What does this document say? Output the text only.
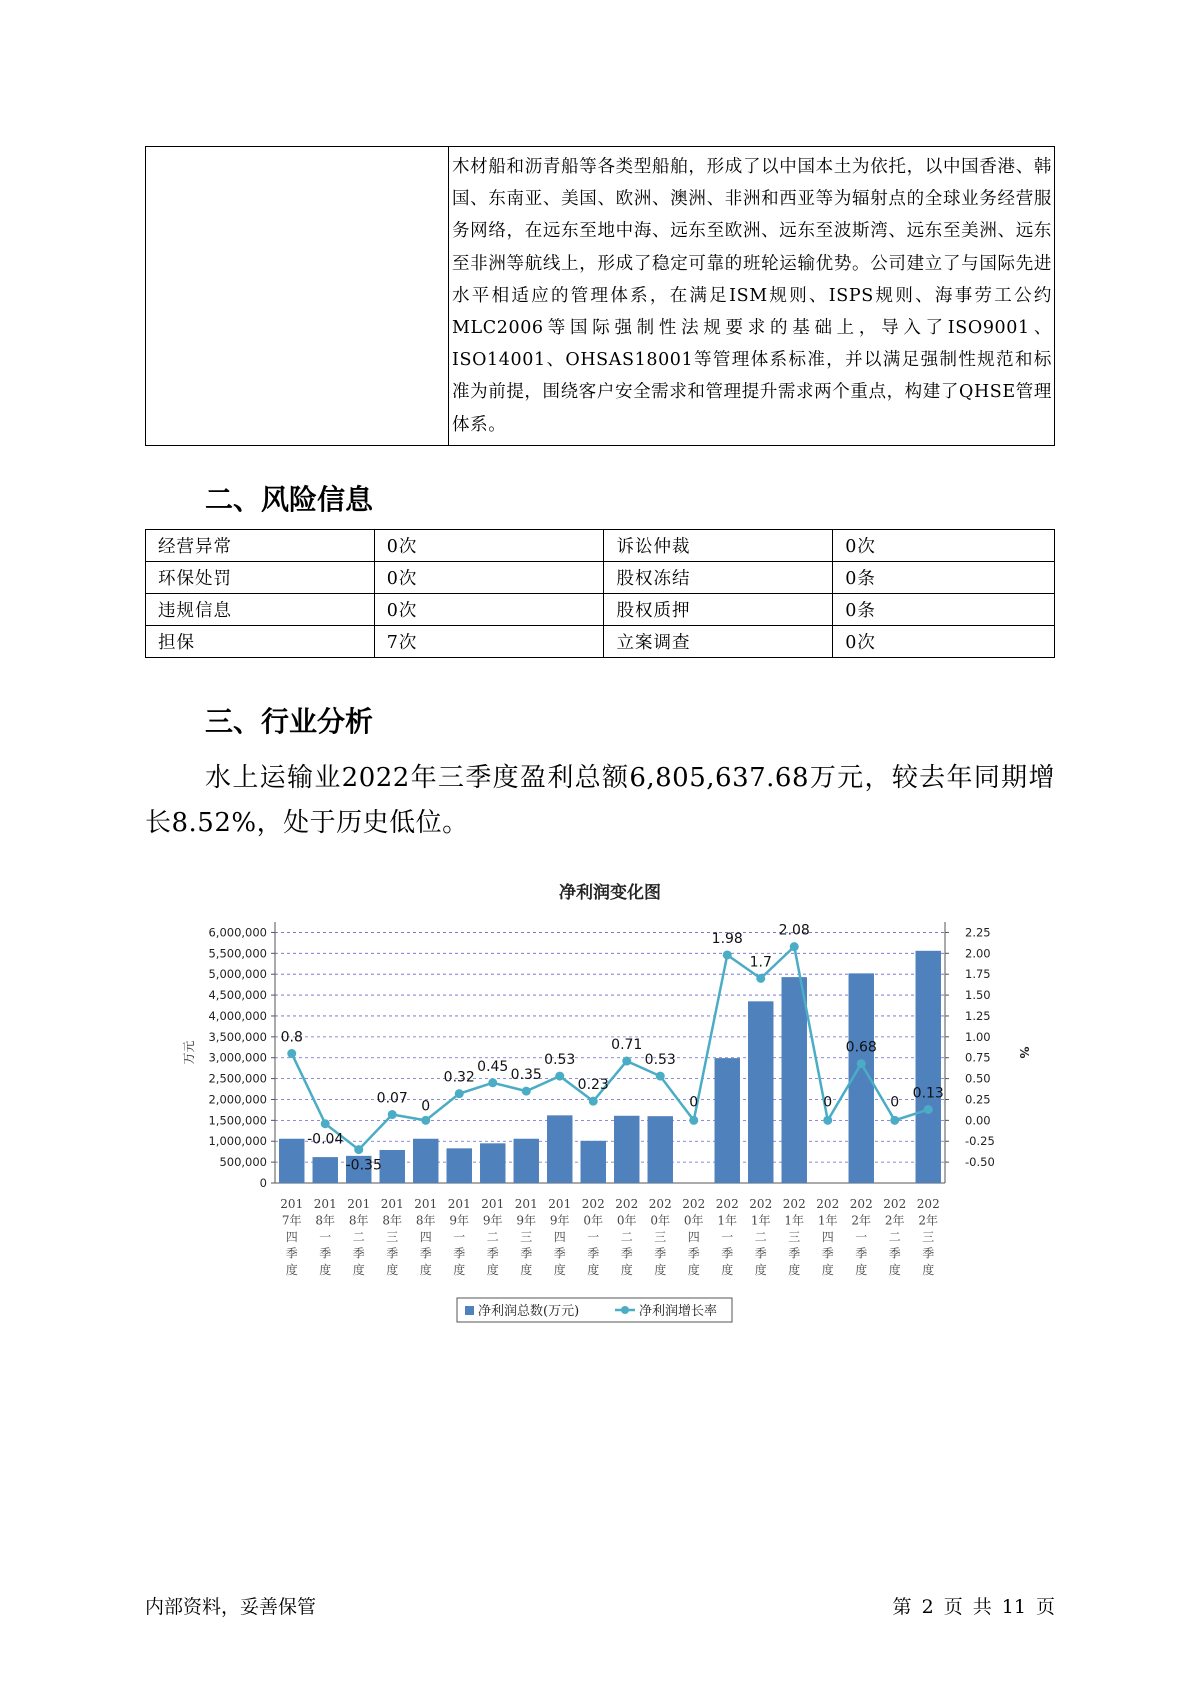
	木材船和沥青船等各类型船舶，形成了以中国本土为依托，以中国香港、韩国、东南亚、美国、欧洲、澳洲、非洲和西亚等为辐射点的全球业务经营服务网络，在远东至地中海、远东至欧洲、远东至波斯湾、远东至美洲、远东至非洲等航线上，形成了稳定可靠的班轮运输优势。公司建立了与国际先进水平相适应的管理体系，在满足ISM规则、ISPS规则、海事劳工公约MLC2006等国际强制性法规要求的基础上，导入了ISO9001、ISO14001、OHSAS18001等管理体系标准，并以满足强制性规范和标准为前提，围绕客户安全需求和管理提升需求两个重点，构建了QHSE管理体系。
二、风险信息
经营异常	0次	诉讼仲裁	0次
环保处罚	0次	股权冻结	0条
违规信息	0次	股权质押	0条
担保	7次	立案调查	0次
三、行业分析

水上运输业2022年三季度盈利总额6,805,637.68万元，较去年同期增长8.52%，处于历史低位。

净利润变化图
0
500,000
1,000,000
1,500,000
2,000,000
2,500,000
3,000,000
3,500,000
4,000,000
4,500,000
5,000,000
5,500,000
6,000,000
-0.50
-0.25
0.00
0.25
0.50
0.75
1.00
1.25
1.50
1.75
2.00
2.25
万元	%
201 7年四季度
201 8年一季度
201 8年二季度
201 8年三季度
201 8年四季度
201 9年一季度
201 9年二季度
201 9年三季度
201 9年四季度
202 0年一季度
202 0年二季度
202 0年三季度
202 0年四季度
202 1年一季度
202 1年二季度
202 1年三季度
202 1年四季度
202 2年一季度
202 2年二季度
202 2年三季度
0.8
-0.04
-0.35
0.07 0
0.32
0.45
0.35
0.53
0.23
0.71
0.53
0
1.98
1.7
2.08
0
0.68
0
0.13
净利润总数(万元)	净利润增长率
内部资料，妥善保管	第 2 页 共 11 页
